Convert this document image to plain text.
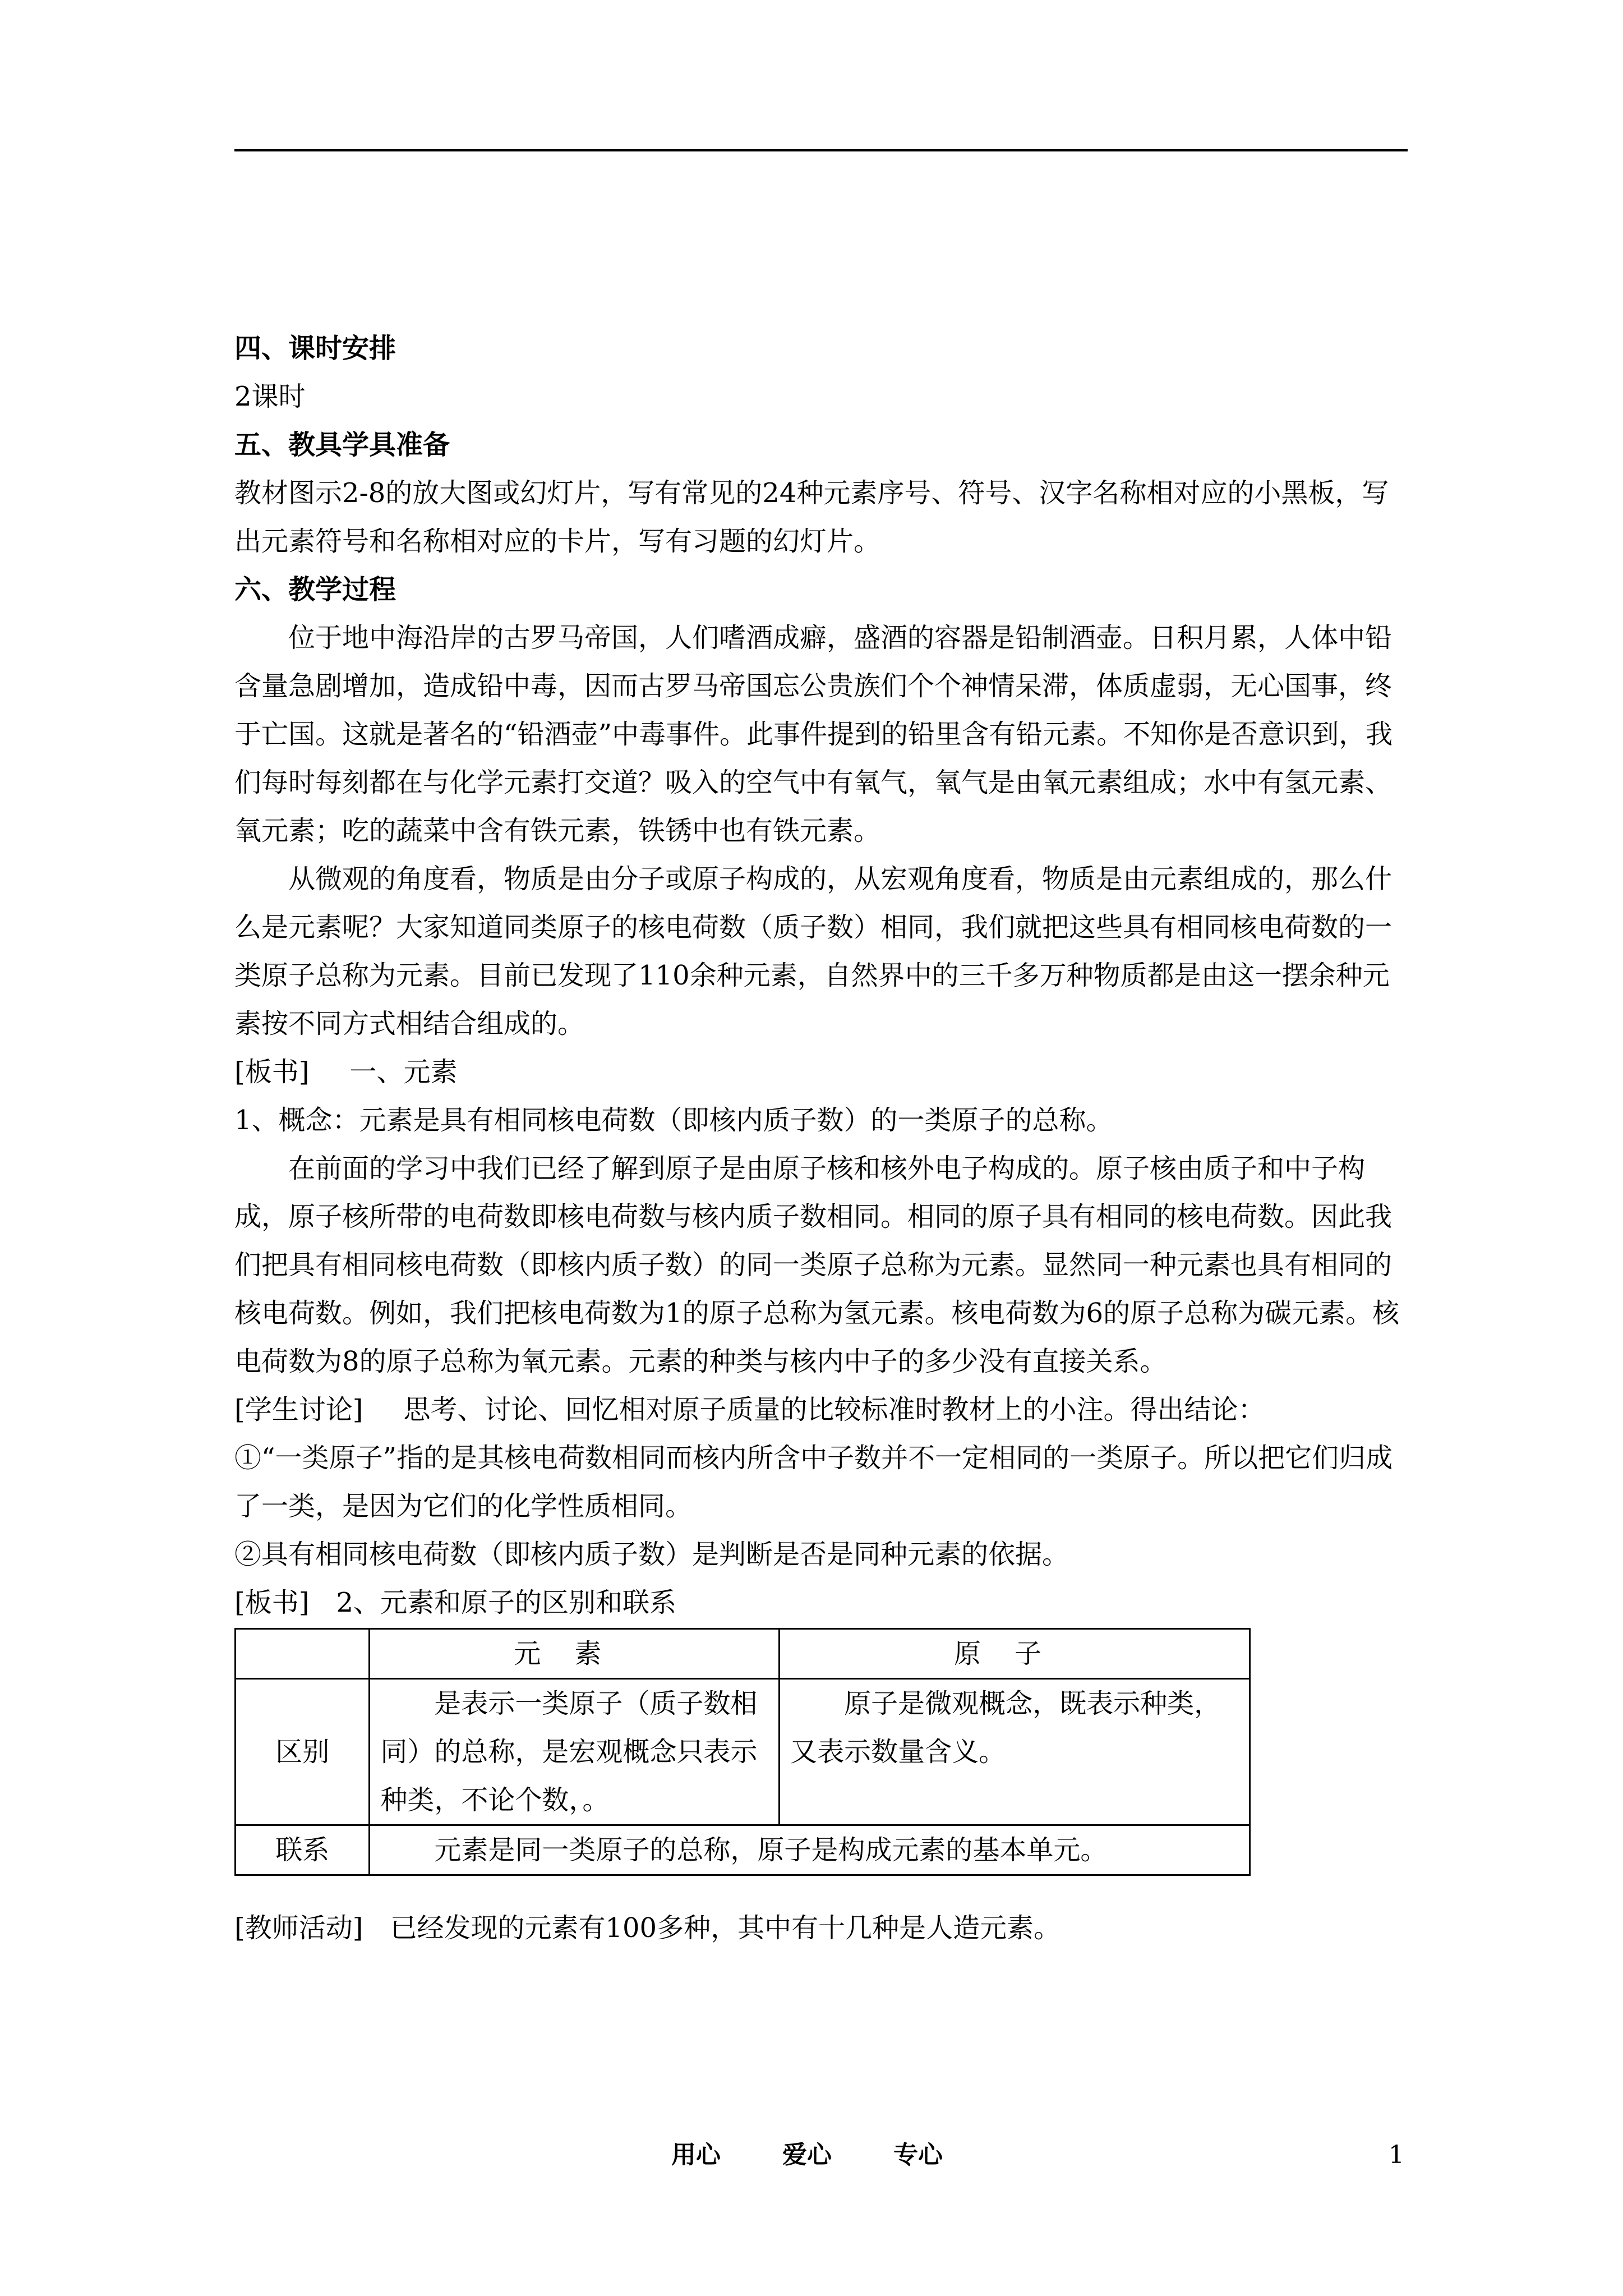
四、课时安排

2课时

五、教具学具准备

教材图示2-8的放大图或幻灯片，写有常见的24种元素序号、符号、汉字名称相对应的小黑板，写出元素符号和名称相对应的卡片，写有习题的幻灯片。

六、教学过程

位于地中海沿岸的古罗马帝国，人们嗜酒成癖，盛酒的容器是铅制酒壶。日积月累，人体中铅含量急剧增加，造成铅中毒，因而古罗马帝国忘公贵族们个个神情呆滞，体质虚弱，无心国事，终于亡国。这就是著名的“铅酒壶”中毒事件。此事件提到的铅里含有铅元素。不知你是否意识到，我们每时每刻都在与化学元素打交道？吸入的空气中有氧气，氧气是由氧元素组成；水中有氢元素、氧元素；吃的蔬菜中含有铁元素，铁锈中也有铁元素。

从微观的角度看，物质是由分子或原子构成的，从宏观角度看，物质是由元素组成的，那么什么是元素呢？大家知道同类原子的核电荷数（质子数）相同，我们就把这些具有相同核电荷数的一类原子总称为元素。目前已发现了110余种元素，自然界中的三千多万种物质都是由这一摆余种元素按不同方式相结合组成的。

[板书] 一、元素

1、概念：元素是具有相同核电荷数（即核内质子数）的一类原子的总称。

在前面的学习中我们已经了解到原子是由原子核和核外电子构成的。原子核由质子和中子构成，原子核所带的电荷数即核电荷数与核内质子数相同。相同的原子具有相同的核电荷数。因此我们把具有相同核电荷数（即核内质子数）的同一类原子总称为元素。显然同一种元素也具有相同的核电荷数。例如，我们把核电荷数为1的原子总称为氢元素。核电荷数为6的原子总称为碳元素。核电荷数为8的原子总称为氧元素。元素的种类与核内中子的多少没有直接关系。

[学生讨论] 思考、讨论、回忆相对原子质量的比较标准时教材上的小注。得出结论：

①“一类原子”指的是其核电荷数相同而核内所含中子数并不一定相同的一类原子。所以把它们归成了一类，是因为它们的化学性质相同。

②具有相同核电荷数（即核内质子数）是判断是否是同种元素的依据。

[板书] 2、元素和原子的区别和联系

	元素	原子
区别	是表示一类原子（质子数相同）的总称，是宏观概念只表示种类，不论个数，。	原子是微观概念，既表示种类，又表示数量含义。
联系	元素是同一类原子的总称，原子是构成元素的基本单元。	

[教师活动] 已经发现的元素有100多种，其中有十几种是人造元素。

用心	爱心	专心	1
